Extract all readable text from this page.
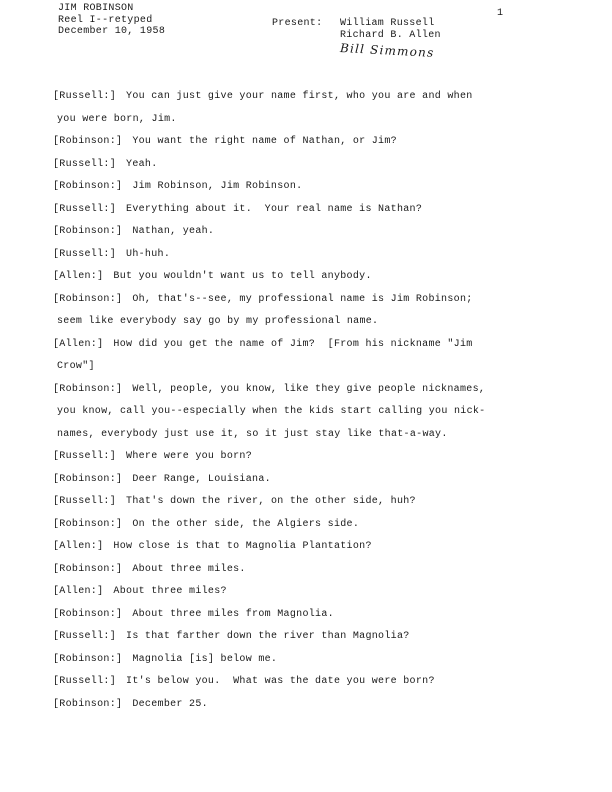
JIM ROBINSON
Reel I--retyped
December 10, 1958
Present: William Russell
Richard B. Allen
Bill Simmons
1
[Russell:] You can just give your name first, who you are and when
you were born, Jim.
[Robinson:] You want the right name of Nathan, or Jim?
[Russell:] Yeah.
[Robinson:] Jim Robinson, Jim Robinson.
[Russell:] Everything about it.  Your real name is Nathan?
[Robinson:] Nathan, yeah.
[Russell:] Uh-huh.
[Allen:] But you wouldn't want us to tell anybody.
[Robinson:] Oh, that's--see, my professional name is Jim Robinson;
seem like everybody say go by my professional name.
[Allen:] How did you get the name of Jim?  [From his nickname "Jim
Crow"]
[Robinson:] Well, people, you know, like they give people nicknames,
you know, call you--especially when the kids start calling you nick-
names, everybody just use it, so it just stay like that-a-way.
[Russell:] Where were you born?
[Robinson:] Deer Range, Louisiana.
[Russell:] That's down the river, on the other side, huh?
[Robinson:] On the other side, the Algiers side.
[Allen:] How close is that to Magnolia Plantation?
[Robinson:] About three miles.
[Allen:] About three miles?
[Robinson:] About three miles from Magnolia.
[Russell:] Is that farther down the river than Magnolia?
[Robinson:] Magnolia [is] below me.
[Russell:] It's below you.  What was the date you were born?
[Robinson:] December 25.
